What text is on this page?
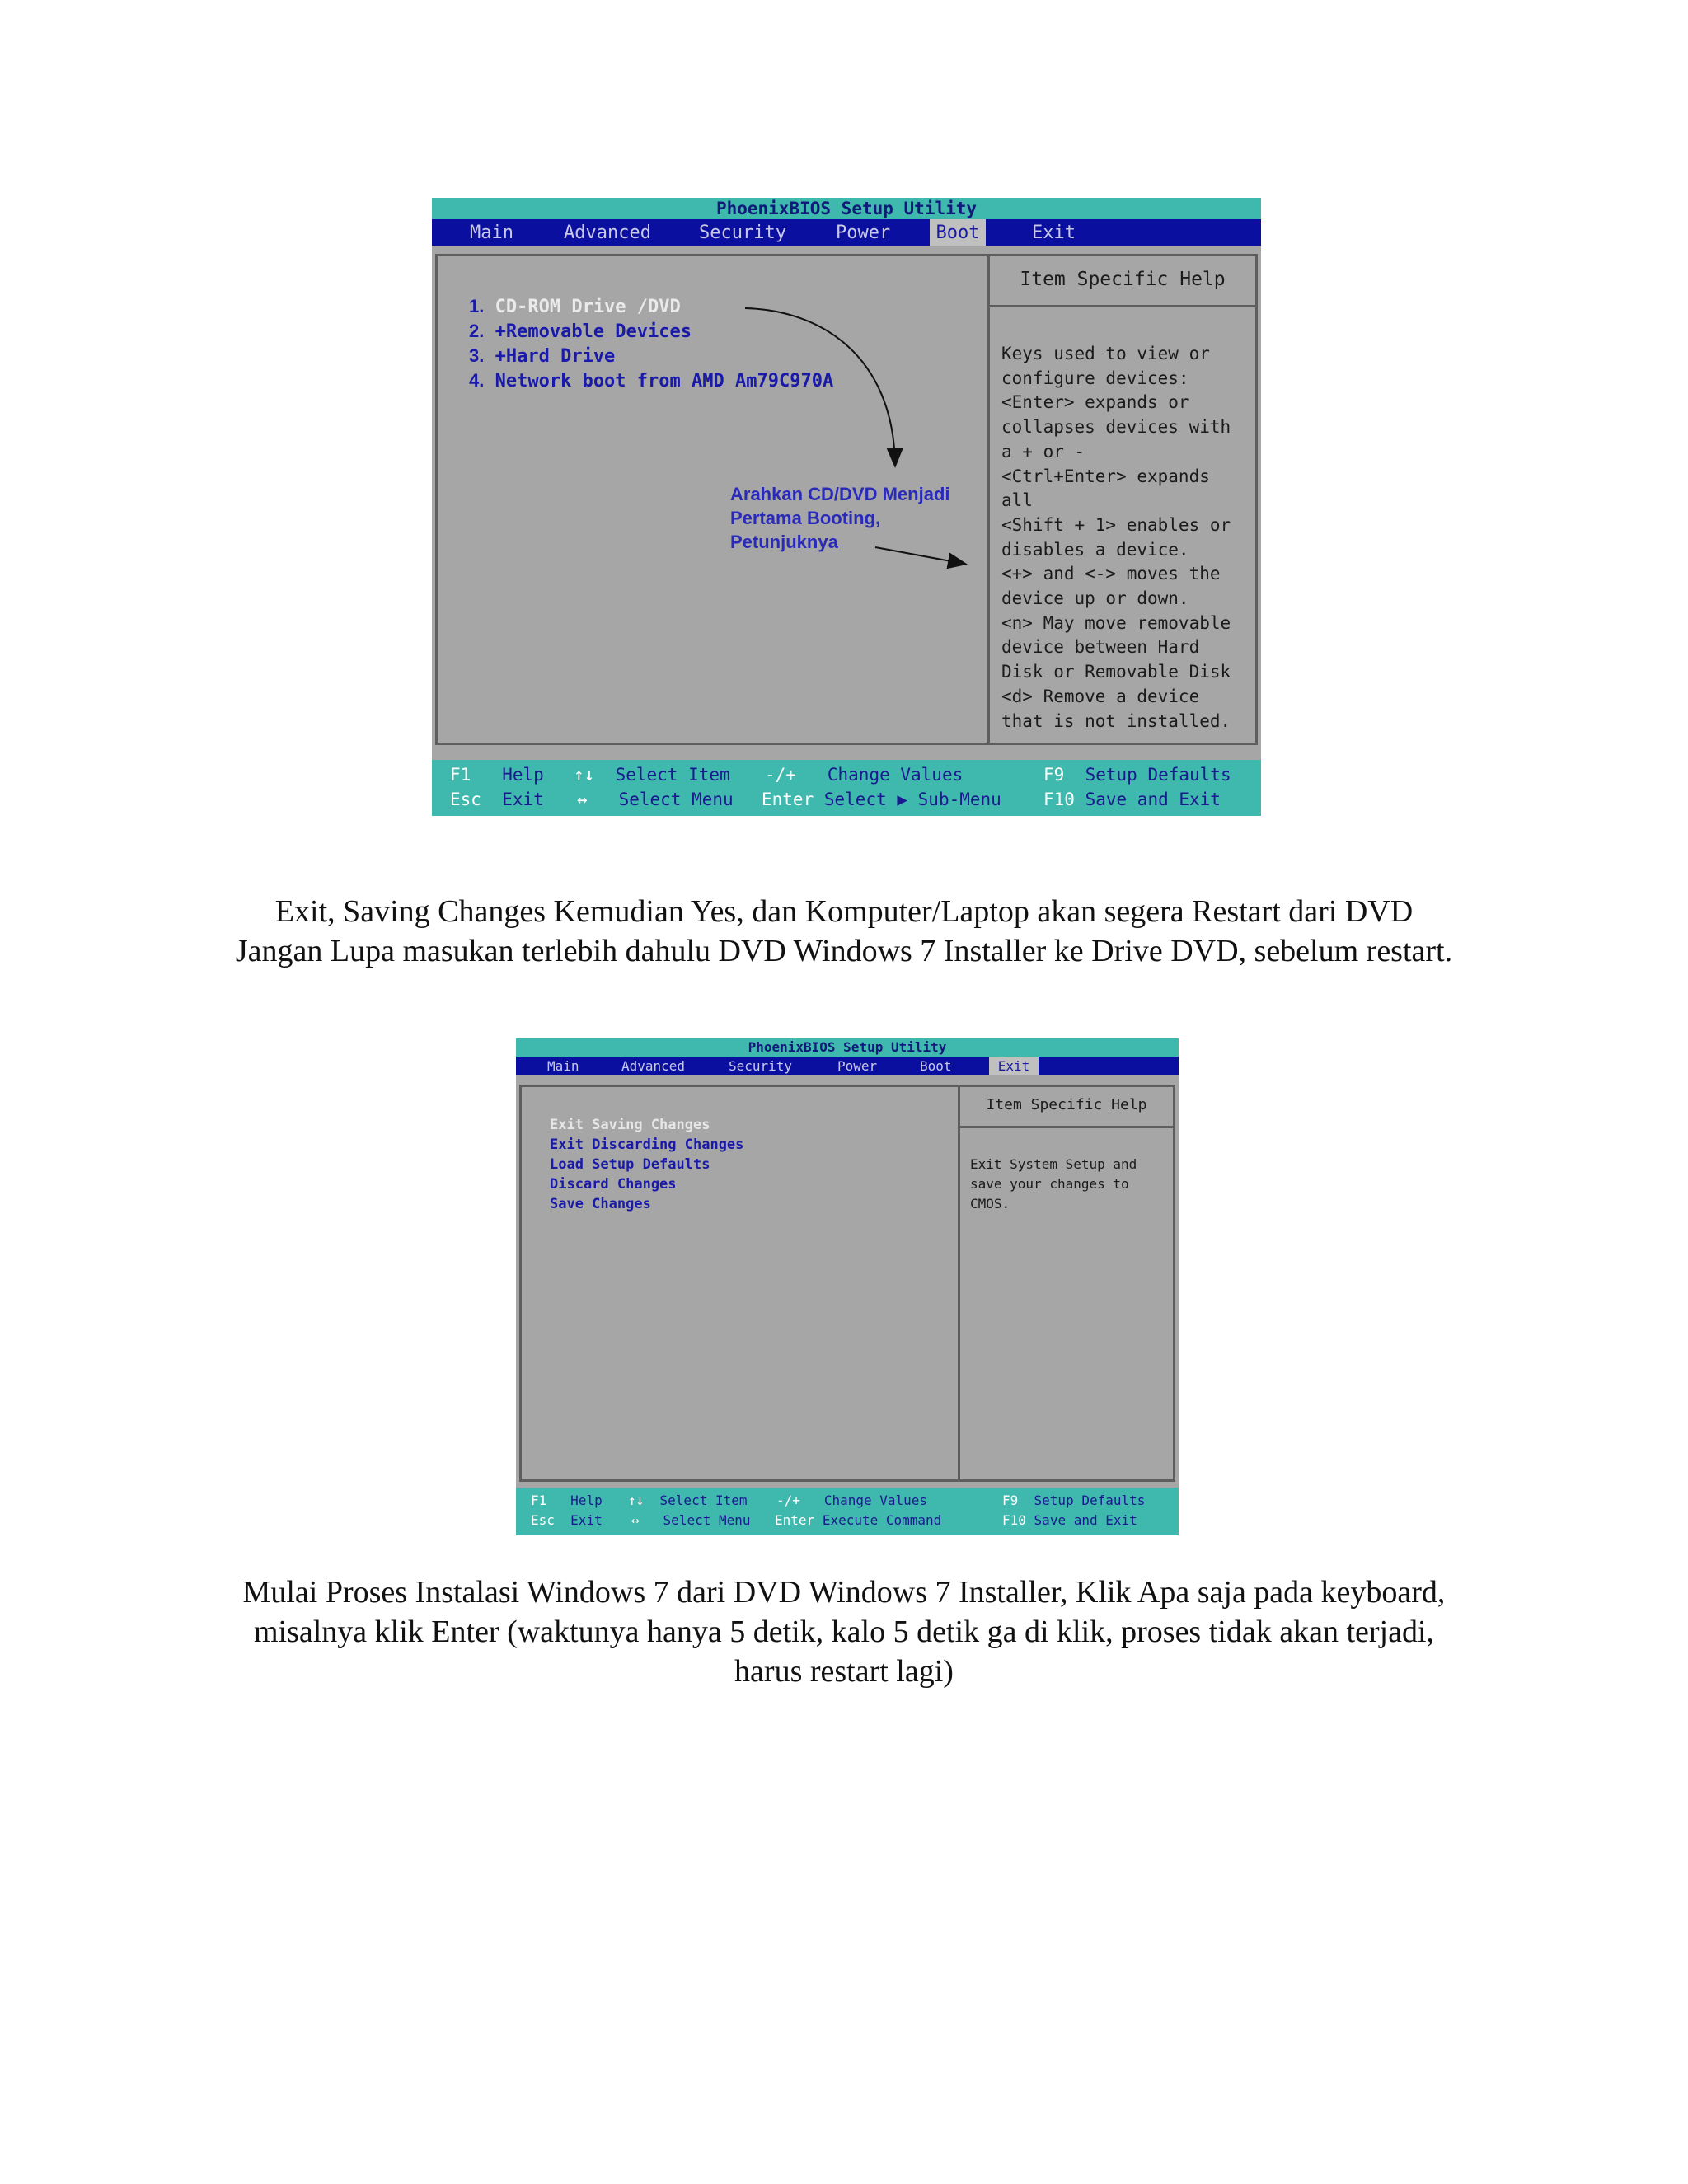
PhoenixBIOS Setup Utility
Main	Advanced	Security	Power	Boot	Exit
1. CD-ROM Drive /DVD
2. +Removable Devices
3. +Hard Drive
4. Network boot from AMD Am79C970A
Arahkan CD/DVD Menjadi
Pertama Booting,
Petunjuknya
Item Specific Help
Keys used to view or
configure devices:
<Enter> expands or
collapses devices with
a + or -
<Ctrl+Enter> expands
all
<Shift + 1> enables or
disables a device.
<+> and <-> moves the
device up or down.
<n> May move removable
device between Hard
Disk or Removable Disk
<d> Remove a device
that is not installed.
F1 Help ↑↓ Select Item -/+ Change Values	F9 Setup Defaults
Esc Exit ↔ Select Menu Enter Select ▶ Sub-Menu F10 Save and Exit
Exit, Saving Changes Kemudian Yes, dan Komputer/Laptop akan segera Restart dari DVD
Jangan Lupa masukan terlebih dahulu DVD Windows 7 Installer ke Drive DVD, sebelum restart.
PhoenixBIOS Setup Utility
Main	Advanced	Security	Power	Boot	Exit
Exit Saving Changes
Exit Discarding Changes
Load Setup Defaults
Discard Changes
Save Changes
Item Specific Help
Exit System Setup and
save your changes to
CMOS.
F1 Help ↑↓ Select Item -/+ Change Values	F9 Setup Defaults
Esc Exit ↔ Select Menu Enter Execute Command	F10 Save and Exit
Mulai Proses Instalasi Windows 7 dari DVD Windows 7 Installer, Klik Apa saja pada keyboard,
misalnya klik Enter (waktunya hanya 5 detik, kalo 5 detik ga di klik, proses tidak akan terjadi,
harus restart lagi)
